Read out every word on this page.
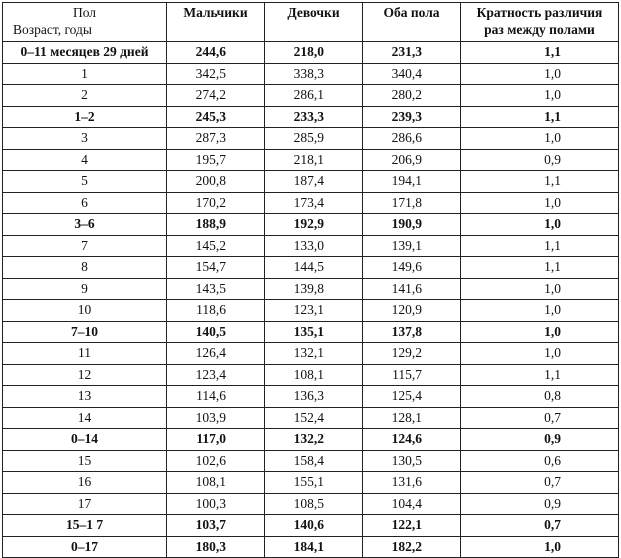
Пол
Возраст, годы	Мальчики	Девочки	Оба пола	Кратность различия
раз между полами

0–11 месяцев 29 дней	244,6	218,0	231,3	1,1
1	342,5	338,3	340,4	1,0
2	274,2	286,1	280,2	1,0
1–2	245,3	233,3	239,3	1,1
3	287,3	285,9	286,6	1,0
4	195,7	218,1	206,9	0,9
5	200,8	187,4	194,1	1,1
6	170,2	173,4	171,8	1,0
3–6	188,9	192,9	190,9	1,0
7	145,2	133,0	139,1	1,1
8	154,7	144,5	149,6	1,1
9	143,5	139,8	141,6	1,0
10	118,6	123,1	120,9	1,0
7–10	140,5	135,1	137,8	1,0
11	126,4	132,1	129,2	1,0
12	123,4	108,1	115,7	1,1
13	114,6	136,3	125,4	0,8
14	103,9	152,4	128,1	0,7
0–14	117,0	132,2	124,6	0,9
15	102,6	158,4	130,5	0,6
16	108,1	155,1	131,6	0,7
17	100,3	108,5	104,4	0,9
15–1 7	103,7	140,6	122,1	0,7
0–17	180,3	184,1	182,2	1,0
